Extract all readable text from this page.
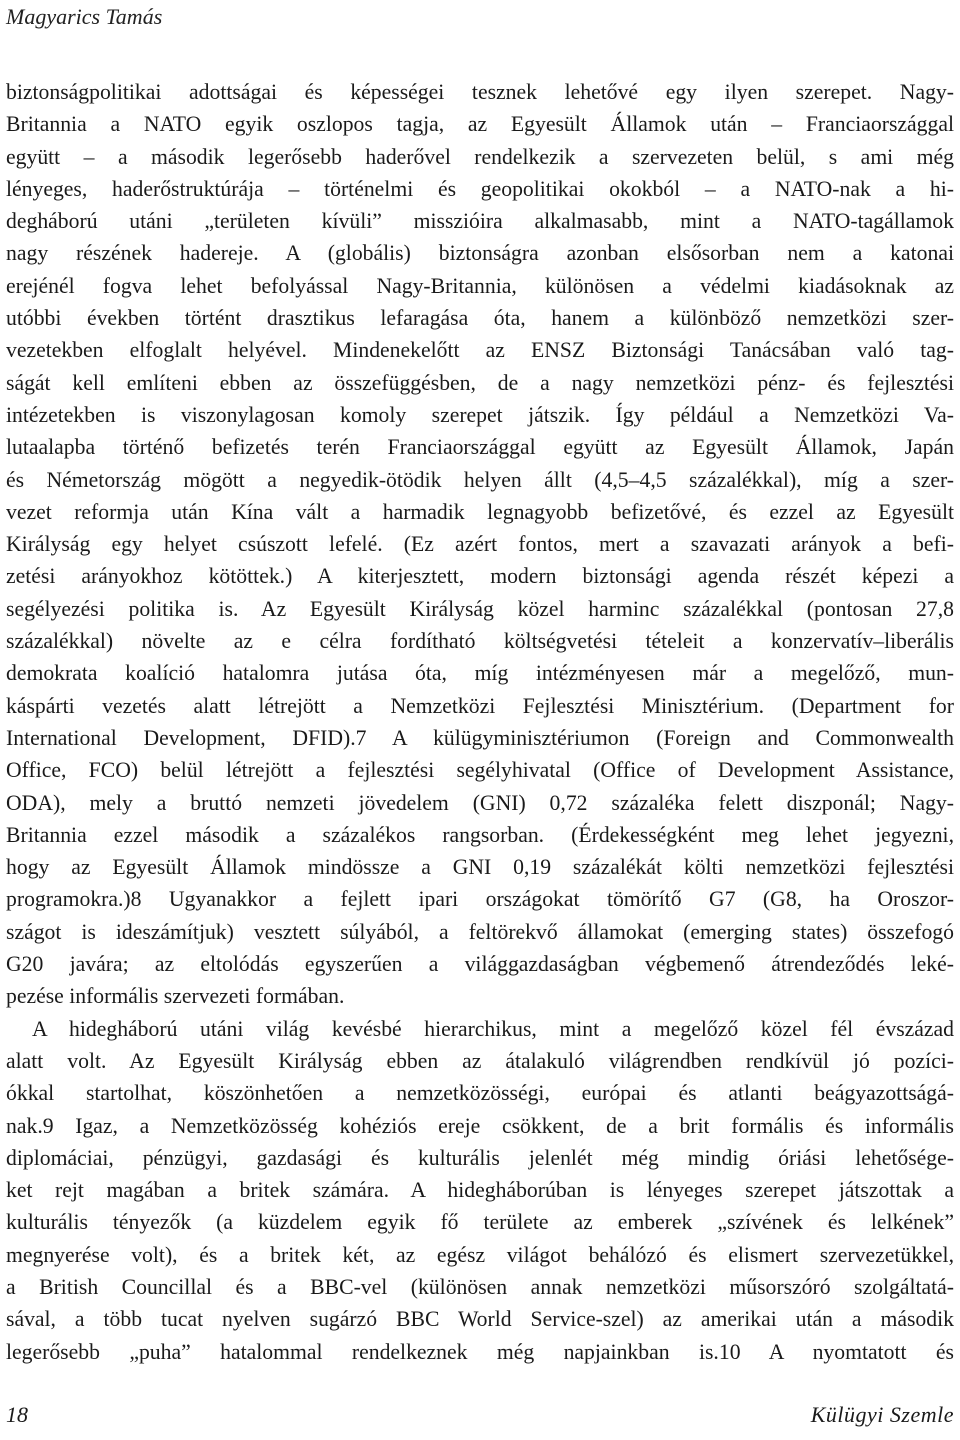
Magyarics Tamás
biztonságpolitikai adottságai és képességei tesznek lehetővé egy ilyen szerepet. Nagy-
Britannia a NATO egyik oszlopos tagja, az Egyesült Államok után – Franciaországgal
együtt – a második legerősebb haderővel rendelkezik a szervezeten belül, s ami még
lényeges, haderőstruktúrája – történelmi és geopolitikai okokból – a NATO-nak a hi-
degháború utáni „területen kívüli” misszióira alkalmasabb, mint a NATO-tagállamok
nagy részének hadereje. A (globális) biztonságra azonban elsősorban nem a katonai
erejénél fogva lehet befolyással Nagy-Britannia, különösen a védelmi kiadásoknak az
utóbbi években történt drasztikus lefaragása óta, hanem a különböző nemzetközi szer-
vezetekben elfoglalt helyével. Mindenekelőtt az ENSZ Biztonsági Tanácsában való tag-
ságát kell említeni ebben az összefüggésben, de a nagy nemzetközi pénz- és fejlesztési
intézetekben is viszonylagosan komoly szerepet játszik. Így például a Nemzetközi Va-
lutaalapba történő befizetés terén Franciaországgal együtt az Egyesült Államok, Japán
és Németország mögött a negyedik-ötödik helyen állt (4,5–4,5 százalékkal), míg a szer-
vezet reformja után Kína vált a harmadik legnagyobb befizetővé, és ezzel az Egyesült
Királyság egy helyet csúszott lefelé. (Ez azért fontos, mert a szavazati arányok a befi-
zetési arányokhoz kötöttek.) A kiterjesztett, modern biztonsági agenda részét képezi a
segélyezési politika is. Az Egyesült Királyság közel harminc százalékkal (pontosan 27,8
százalékkal) növelte az e célra fordítható költségvetési tételeit a konzervatív–liberális
demokrata koalíció hatalomra jutása óta, míg intézményesen már a megelőző, mun-
káspárti vezetés alatt létrejött a Nemzetközi Fejlesztési Minisztérium. (Department for
International Development, DFID).7 A külügyminisztériumon (Foreign and Commonwealth
Office, FCO) belül létrejött a fejlesztési segélyhivatal (Office of Development Assistance,
ODA), mely a bruttó nemzeti jövedelem (GNI) 0,72 százaléka felett diszponál; Nagy-
Britannia ezzel második a százalékos rangsorban. (Érdekességként meg lehet jegyezni,
hogy az Egyesült Államok mindössze a GNI 0,19 százalékát költi nemzetközi fejlesztési
programokra.)8 Ugyanakkor a fejlett ipari országokat tömörítő G7 (G8, ha Oroszor-
szágot is ideszámítjuk) vesztett súlyából, a feltörekvő államokat (emerging states) összefogó
G20 javára; az eltolódás egyszerűen a világgazdaságban végbemenő átrendeződés leké-
pezése informális szervezeti formában.
A hidegháború utáni világ kevésbé hierarchikus, mint a megelőző közel fél évszázad
alatt volt. Az Egyesült Királyság ebben az átalakuló világrendben rendkívül jó pozíci-
ókkal startolhat, köszönhetően a nemzetközösségi, európai és atlanti beágyazottságá-
nak.9 Igaz, a Nemzetközösség kohéziós ereje csökkent, de a brit formális és informális
diplomáciai, pénzügyi, gazdasági és kulturális jelenlét még mindig óriási lehetősége-
ket rejt magában a britek számára. A hidegháborúban is lényeges szerepet játszottak a
kulturális tényezők (a küzdelem egyik fő területe az emberek „szívének és lelkének”
megnyerése volt), és a britek két, az egész világot behálózó és elismert szervezetükkel,
a British Councillal és a BBC-vel (különösen annak nemzetközi műsorszóró szolgáltatá-
sával, a több tucat nyelven sugárzó BBC World Service-szel) az amerikai után a második
legerősebb „puha” hatalommal rendelkeznek még napjainkban is.10 A nyomtatott és
18	Külügyi Szemle
